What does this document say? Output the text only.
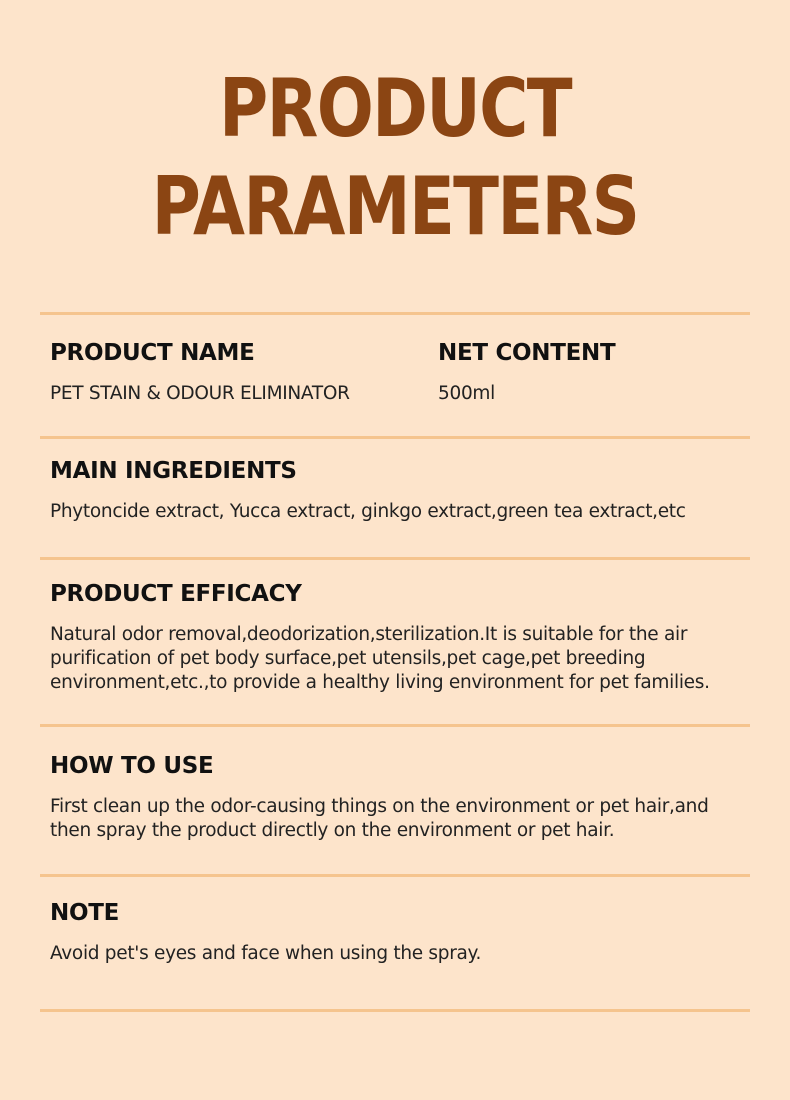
PRODUCT
PARAMETERS
PRODUCT NAME
PET STAIN & ODOUR ELIMINATOR
NET CONTENT
500ml
MAIN INGREDIENTS
Phytoncide extract, Yucca extract, ginkgo extract,green tea extract,etc
PRODUCT EFFICACY
Natural odor removal,deodorization,sterilization.It is suitable for the air
purification of pet body surface,pet utensils,pet cage,pet breeding
environment,etc.,to provide a healthy living environment for pet families.
HOW TO USE
First clean up the odor-causing things on the environment or pet hair,and
then spray the product directly on the environment or pet hair.
NOTE
Avoid pet's eyes and face when using the spray.
